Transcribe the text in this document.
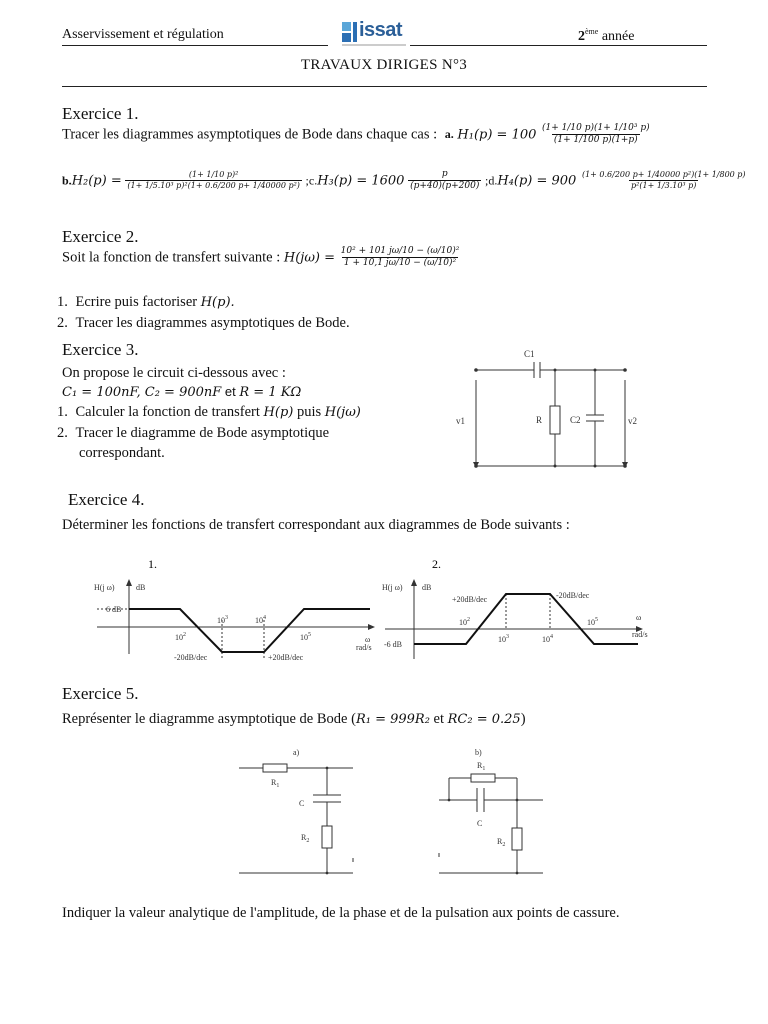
Asservissement et régulation	issat	2ème année
TRAVAUX DIRIGES N°3
Exercice 1.
Tracer les diagrammes asymptotiques de Bode dans chaque cas : a. $H_1(p) = 100 \frac{\text{(1+ 1/10 p)(1+ 1/10³ p)}}{(1+ 1/100 p)(1+p)}$
$b.H_2(p) = \frac{\text{(1+ 1/10 p)²}}{\text{(1+ 1/5.10³ p)²(1+ 0.6/200 p+ 1/40000 p²)}}$ ;c.H₃(p) = $1600 \frac{p}{(p+40)(p+200)}$ ;d.H₄(p) = $900 \frac{\text{(1+ 0.6/200 p+ 1/40000 p²)(1+ 1/800 p)}}{\text{p²(1+ 1/3.10³ p)}}$
Exercice 2.
Soit la fonction de transfert suivante : $H(j\omega) = \frac{\text{10² + 101 jω/10 − (ω/10)²}}{\text{1 + 10,1 jω/10 − (ω/10)²}}$
1. Ecrire puis factoriser H(p).
2. Tracer les diagrammes asymptotiques de Bode.
Exercice 3.
On propose le circuit ci-dessous avec :
C₁ = 100nF, C₂ = 900nF et R = 1 KΩ
1. Calculer la fonction de transfert H(p) puis H(jω)
2. Tracer le diagramme de Bode asymptotique
correspondant.
C1
R	C2
v1	v2
Exercice 4.
Déterminer les fonctions de transfert correspondant aux diagrammes de Bode suivants :
1.
H(j ω)	dB
6 dB
$10^2$
$10^3$	$10^4$
$10^5$
-20dB/dec	+20dB/dec
ω
rad/s
2.
H(j ω) dB
-6 dB
$10^2$
$10^3$	$10^4$
$10^5$
+20dB/dec	-20dB/dec
ω
rad/s
Exercice 5.
Représenter le diagramme asymptotique de Bode (R₁ = 999R₂ et RC₂ = 0.25)
a)
$R_1$
C
$R_2$
b)
$R_1$
C
$R_2$
Indiquer la valeur analytique de l'amplitude, de la phase et de la pulsation aux points de cassure.
